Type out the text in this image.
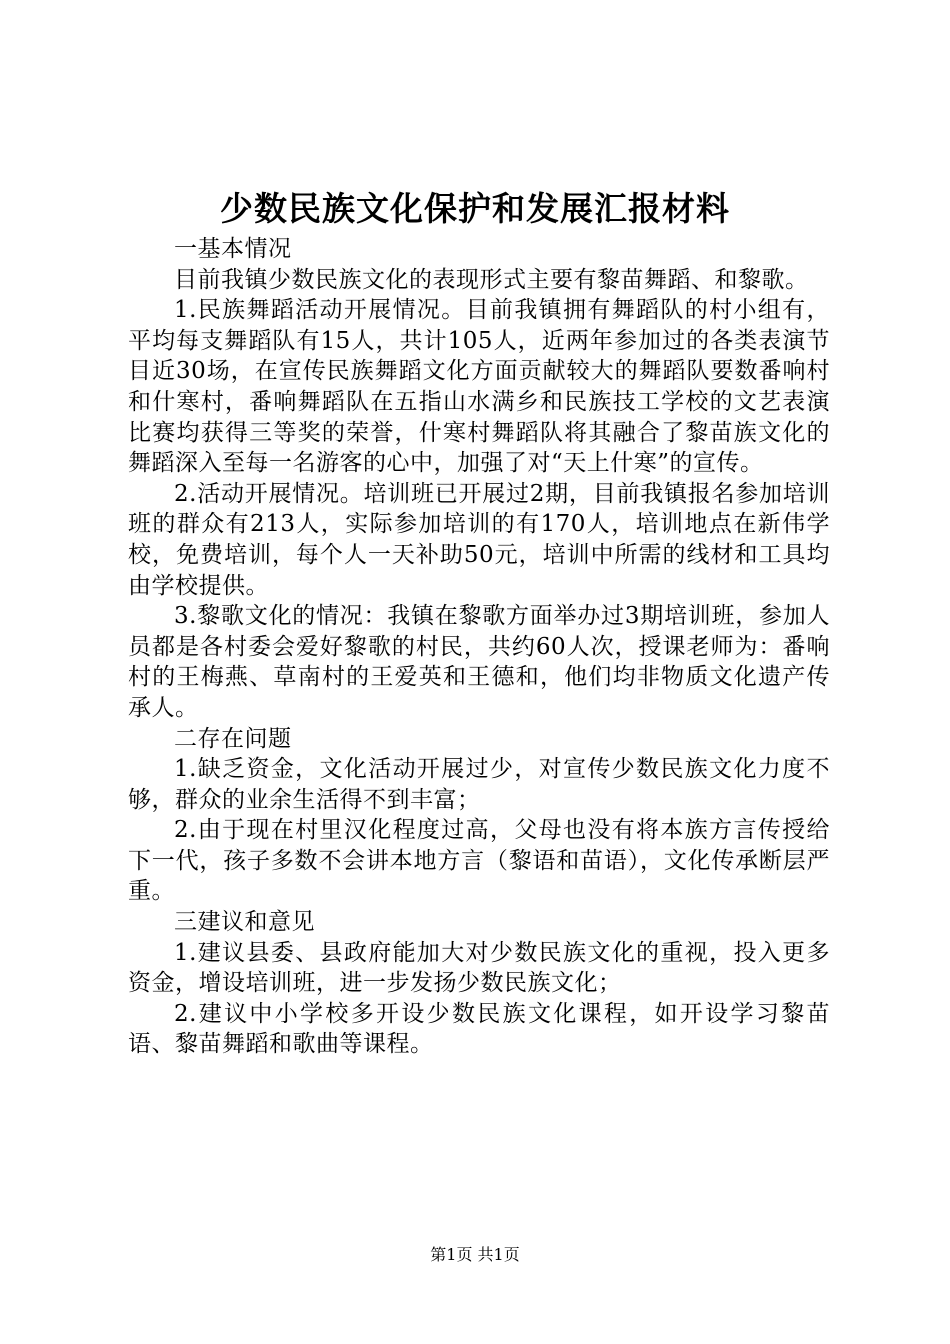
少数民族文化保护和发展汇报材料

一基本情况

目前我镇少数民族文化的表现形式主要有黎苗舞蹈、和黎歌。

1.民族舞蹈活动开展情况。目前我镇拥有舞蹈队的村小组有，平均每支舞蹈队有15人，共计105人，近两年参加过的各类表演节目近30场，在宣传民族舞蹈文化方面贡献较大的舞蹈队要数番响村和什寒村，番响舞蹈队在五指山水满乡和民族技工学校的文艺表演比赛均获得三等奖的荣誉，什寒村舞蹈队将其融合了黎苗族文化的舞蹈深入至每一名游客的心中，加强了对“天上什寒”的宣传。

2.活动开展情况。培训班已开展过2期，目前我镇报名参加培训班的群众有213人，实际参加培训的有170人，培训地点在新伟学校，免费培训，每个人一天补助50元，培训中所需的线材和工具均由学校提供。

3.黎歌文化的情况：我镇在黎歌方面举办过3期培训班，参加人员都是各村委会爱好黎歌的村民，共约60人次，授课老师为：番响村的王梅燕、草南村的王爱英和王德和，他们均非物质文化遗产传承人。

二存在问题

1.缺乏资金，文化活动开展过少，对宣传少数民族文化力度不够，群众的业余生活得不到丰富；

2.由于现在村里汉化程度过高，父母也没有将本族方言传授给下一代，孩子多数不会讲本地方言（黎语和苗语），文化传承断层严重。

三建议和意见

1.建议县委、县政府能加大对少数民族文化的重视，投入更多资金，增设培训班，进一步发扬少数民族文化；

2.建议中小学校多开设少数民族文化课程，如开设学习黎苗语、黎苗舞蹈和歌曲等课程。

第1页 共1页
